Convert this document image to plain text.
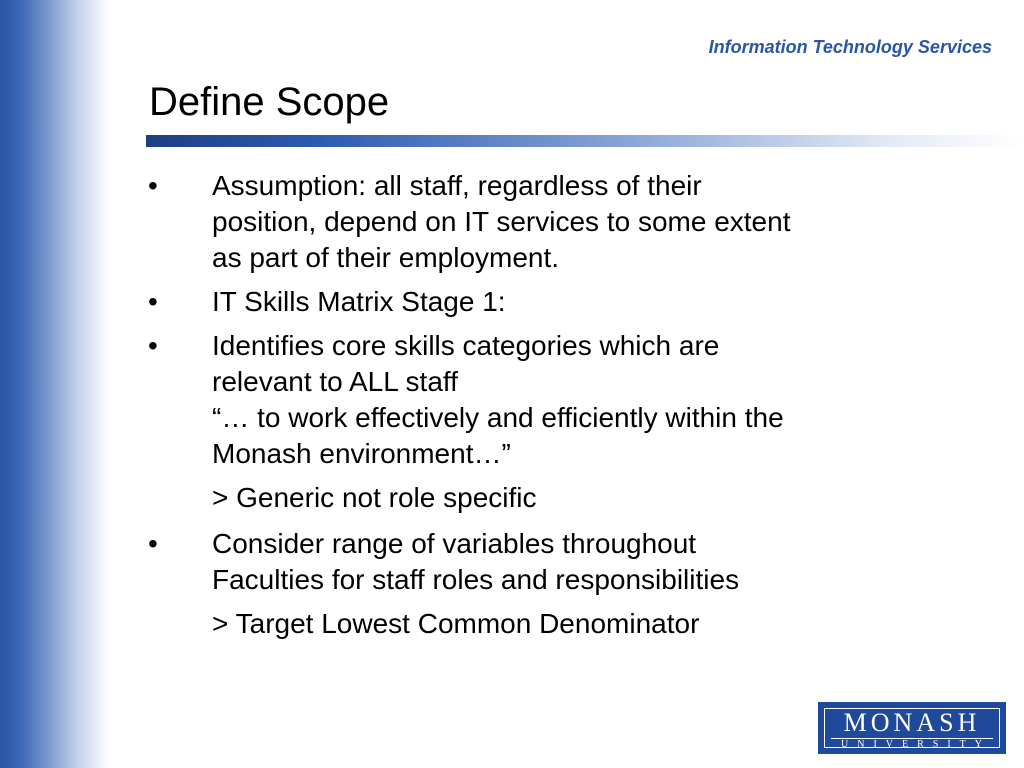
Information Technology Services
Define Scope
• Assumption: all staff, regardless of their
position, depend on IT services to some extent
as part of their employment.
• IT Skills Matrix Stage 1:
• Identifies core skills categories which are
relevant to ALL staff
“… to work effectively and efficiently within the
Monash environment…”
> Generic not role specific
• Consider range of variables throughout
Faculties for staff roles and responsibilities
> Target Lowest Common Denominator
MONASH
UNIVERSITY
